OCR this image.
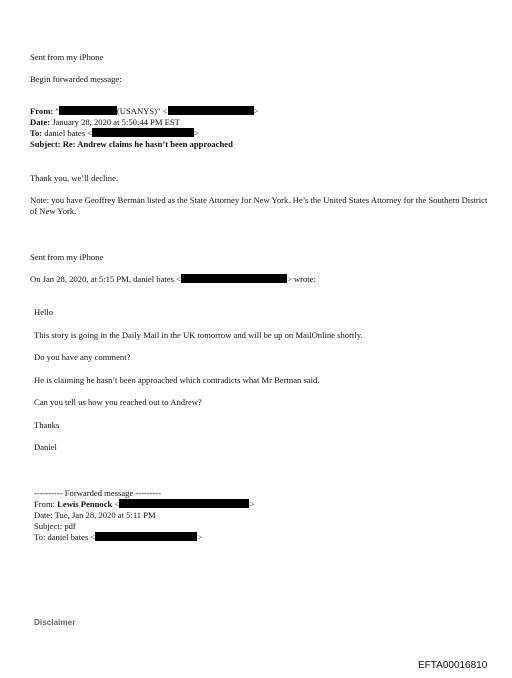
Sent from my iPhone
Begin forwarded message:
From: "	(USANYS)" <	>
Date: January 28, 2020 at 5:50:44 PM EST
To: daniel bates <	>
Subject: Re: Andrew claims he hasn’t been approached
Thank you, we’ll decline.
Note: you have Geoffrey Berman listed as the State Attorney for New York. He’s the United States Attorney for the Southern District of New York.
Sent from my iPhone
On Jan 28, 2020, at 5:15 PM, daniel bates <	> wrote:
Hello
This story is going in the Daily Mail in the UK tomorrow and will be up on MailOnline shortly.
Do you have any comment?
He is claiming he hasn’t been approached which contradicts what Mr Berman said.
Can you tell us how you reached out to Andrew?
Thanks
Daniel
---------- Forwarded message ---------
From: Lewis Pennock <	>
Date: Tue, Jan 28, 2020 at 5:11 PM
Subject: pdf
To: daniel bates <	>
Disclaimer
EFTA00016810
